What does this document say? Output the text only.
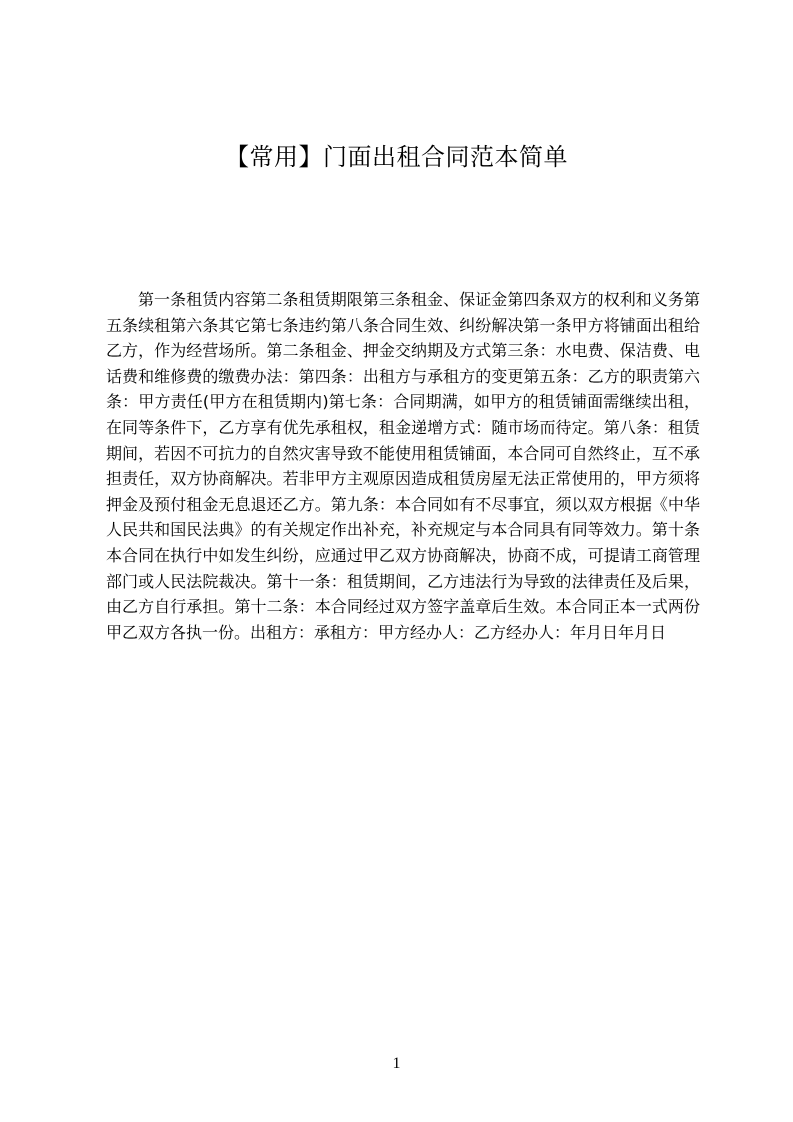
【常用】门面出租合同范本简单

第一条租赁内容第二条租赁期限第三条租金、保证金第四条双方的权利和义务第五条续租第六条其它第七条违约第八条合同生效、纠纷解决第一条甲方将铺面出租给乙方，作为经营场所。第二条租金、押金交纳期及方式第三条：水电费、保洁费、电话费和维修费的缴费办法：第四条：出租方与承租方的变更第五条：乙方的职责第六条：甲方责任(甲方在租赁期内)第七条：合同期满，如甲方的租赁铺面需继续出租，在同等条件下，乙方享有优先承租权，租金递增方式：随市场而待定。第八条：租赁期间，若因不可抗力的自然灾害导致不能使用租赁铺面，本合同可自然终止，互不承担责任，双方协商解决。若非甲方主观原因造成租赁房屋无法正常使用的，甲方须将押金及预付租金无息退还乙方。第九条：本合同如有不尽事宜，须以双方根据《中华人民共和国民法典》的有关规定作出补充，补充规定与本合同具有同等效力。第十条本合同在执行中如发生纠纷，应通过甲乙双方协商解决，协商不成，可提请工商管理部门或人民法院裁决。第十一条：租赁期间，乙方违法行为导致的法律责任及后果，由乙方自行承担。第十二条：本合同经过双方签字盖章后生效。本合同正本一式两份甲乙双方各执一份。出租方：承租方：甲方经办人：乙方经办人：年月日年月日

1
